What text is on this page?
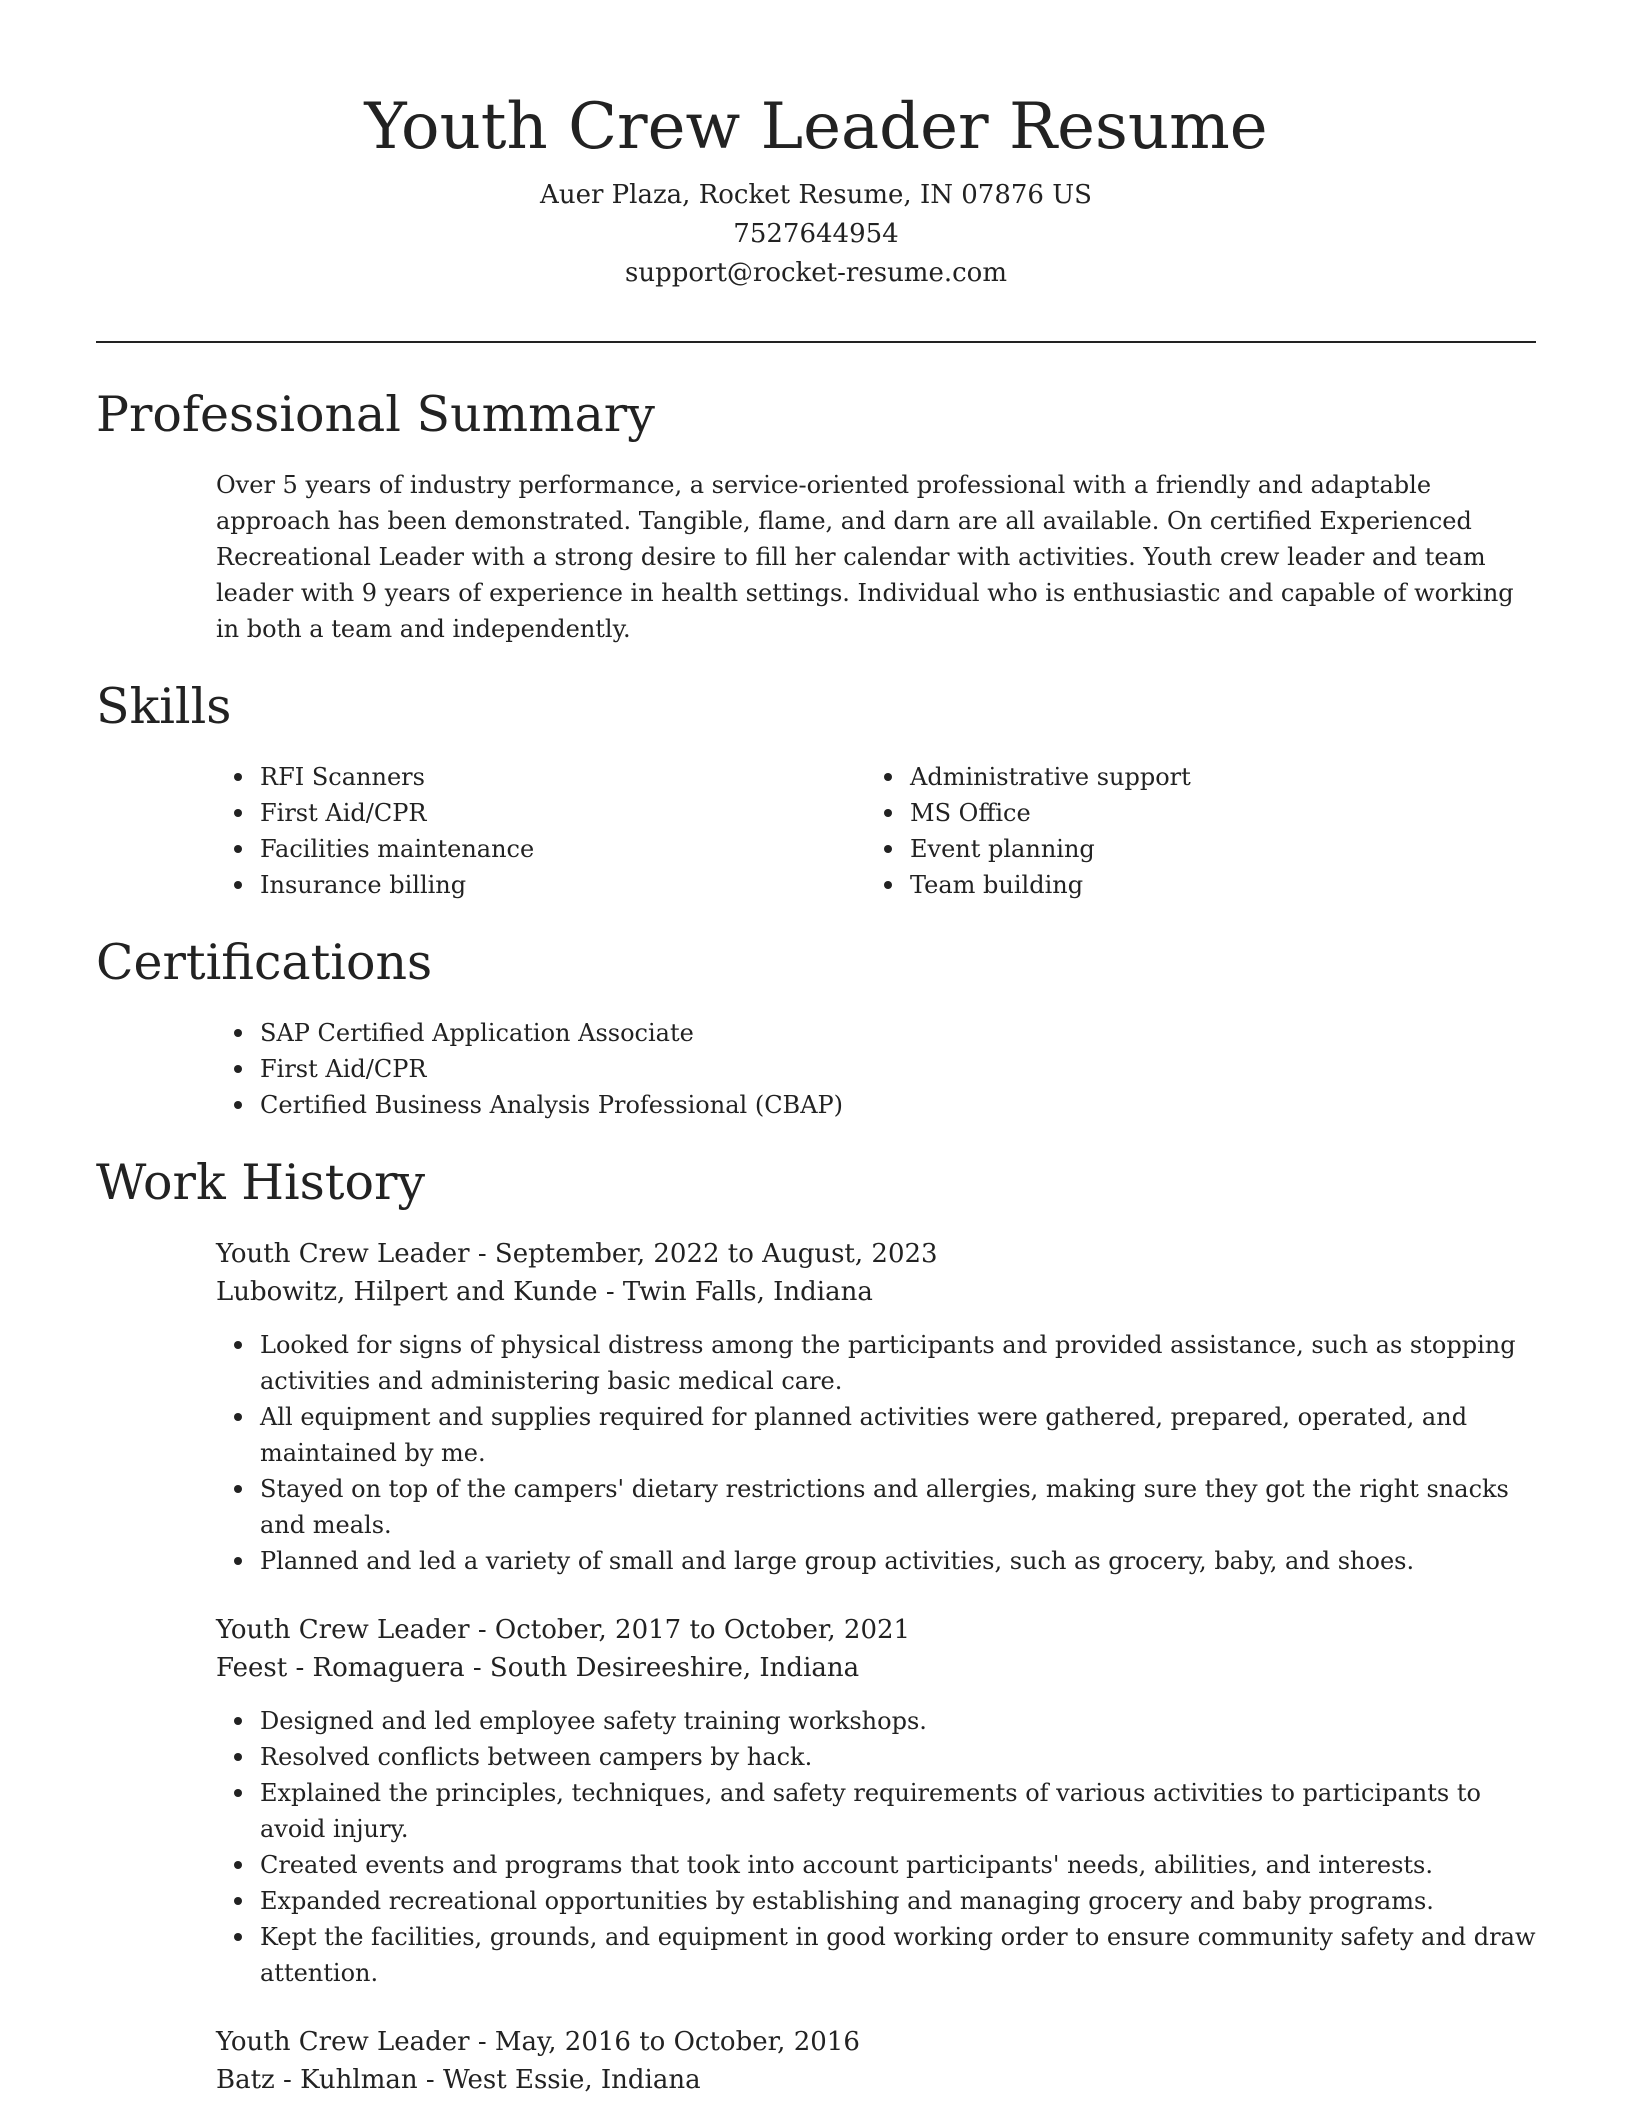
Youth Crew Leader Resume
Auer Plaza, Rocket Resume, IN 07876 US
7527644954
support@rocket-resume.com
Professional Summary

Over 5 years of industry performance, a service-oriented professional with a friendly and adaptable approach has been demonstrated. Tangible, flame, and darn are all available. On certified Experienced Recreational Leader with a strong desire to fill her calendar with activities. Youth crew leader and team leader with 9 years of experience in health settings. Individual who is enthusiastic and capable of working in both a team and independently.

Skills
RFI Scanners
First Aid/CPR
Facilities maintenance
Insurance billing
Administrative support
MS Office
Event planning
Team building
Certifications
SAP Certified Application Associate
First Aid/CPR
Certified Business Analysis Professional (CBAP)
Work History
Youth Crew Leader - September, 2022 to August, 2023
Lubowitz, Hilpert and Kunde - Twin Falls, Indiana
Looked for signs of physical distress among the participants and provided assistance, such as stopping activities and administering basic medical care.
All equipment and supplies required for planned activities were gathered, prepared, operated, and maintained by me.
Stayed on top of the campers' dietary restrictions and allergies, making sure they got the right snacks and meals.
Planned and led a variety of small and large group activities, such as grocery, baby, and shoes.
Youth Crew Leader - October, 2017 to October, 2021
Feest - Romaguera - South Desireeshire, Indiana
Designed and led employee safety training workshops.
Resolved conflicts between campers by hack.
Explained the principles, techniques, and safety requirements of various activities to participants to avoid injury.
Created events and programs that took into account participants' needs, abilities, and interests.
Expanded recreational opportunities by establishing and managing grocery and baby programs.
Kept the facilities, grounds, and equipment in good working order to ensure community safety and draw attention.
Youth Crew Leader - May, 2016 to October, 2016
Batz - Kuhlman - West Essie, Indiana
